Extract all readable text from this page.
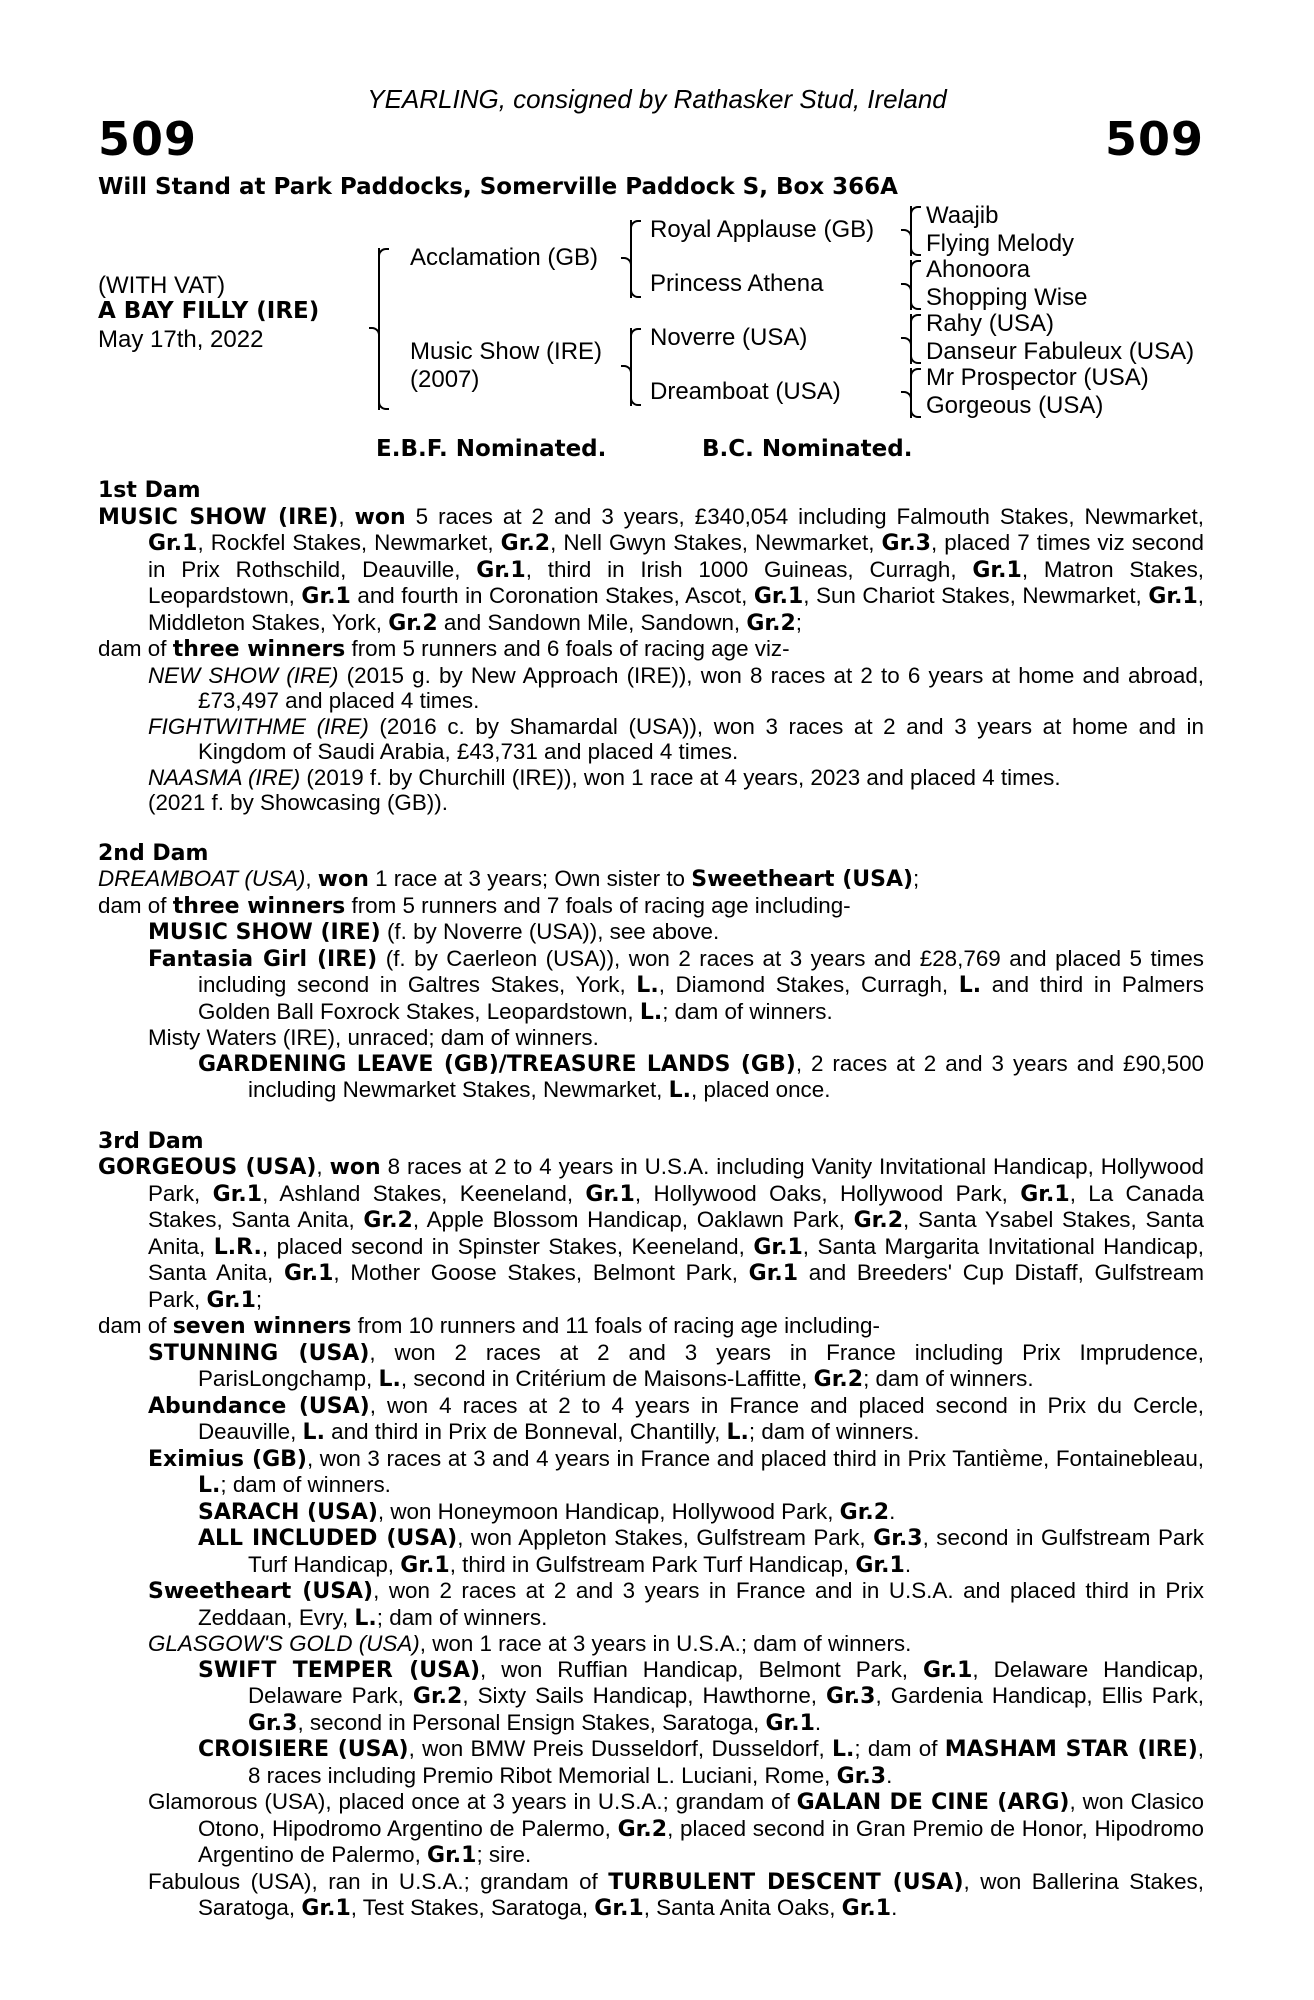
YEARLING, consigned by Rathasker Stud, Ireland
509	509
Will Stand at Park Paddocks, Somerville Paddock S, Box 366A
(WITH VAT)
A BAY FILLY (IRE)
May 17th, 2022
Acclamation (GB)
Music Show (IRE)
(2007)
Royal Applause (GB)
Princess Athena
Noverre (USA)
Dreamboat (USA)
Waajib
Flying Melody
Ahonoora
Shopping Wise
Rahy (USA)
Danseur Fabuleux (USA)
Mr Prospector (USA)
Gorgeous (USA)
E.B.F. Nominated.	B.C. Nominated.
1st Dam
MUSIC SHOW (IRE), won 5 races at 2 and 3 years, £340,054 including Falmouth Stakes, Newmarket, Gr.1, Rockfel Stakes, Newmarket, Gr.2, Nell Gwyn Stakes, Newmarket, Gr.3, placed 7 times viz second in Prix Rothschild, Deauville, Gr.1, third in Irish 1000 Guineas, Curragh, Gr.1, Matron Stakes, Leopardstown, Gr.1 and fourth in Coronation Stakes, Ascot, Gr.1, Sun Chariot Stakes, Newmarket, Gr.1, Middleton Stakes, York, Gr.2 and Sandown Mile, Sandown, Gr.2;
dam of three winners from 5 runners and 6 foals of racing age viz-
NEW SHOW (IRE) (2015 g. by New Approach (IRE)), won 8 races at 2 to 6 years at home and abroad, £73,497 and placed 4 times.
FIGHTWITHME (IRE) (2016 c. by Shamardal (USA)), won 3 races at 2 and 3 years at home and in Kingdom of Saudi Arabia, £43,731 and placed 4 times.
NAASMA (IRE) (2019 f. by Churchill (IRE)), won 1 race at 4 years, 2023 and placed 4 times.
(2021 f. by Showcasing (GB)).
2nd Dam
DREAMBOAT (USA), won 1 race at 3 years; Own sister to Sweetheart (USA);
dam of three winners from 5 runners and 7 foals of racing age including-
MUSIC SHOW (IRE) (f. by Noverre (USA)), see above.
Fantasia Girl (IRE) (f. by Caerleon (USA)), won 2 races at 3 years and £28,769 and placed 5 times including second in Galtres Stakes, York, L., Diamond Stakes, Curragh, L. and third in Palmers Golden Ball Foxrock Stakes, Leopardstown, L.; dam of winners.
Misty Waters (IRE), unraced; dam of winners.
GARDENING LEAVE (GB)/TREASURE LANDS (GB), 2 races at 2 and 3 years and £90,500 including Newmarket Stakes, Newmarket, L., placed once.
3rd Dam
GORGEOUS (USA), won 8 races at 2 to 4 years in U.S.A. including Vanity Invitational Handicap, Hollywood Park, Gr.1, Ashland Stakes, Keeneland, Gr.1, Hollywood Oaks, Hollywood Park, Gr.1, La Canada Stakes, Santa Anita, Gr.2, Apple Blossom Handicap, Oaklawn Park, Gr.2, Santa Ysabel Stakes, Santa Anita, L.R., placed second in Spinster Stakes, Keeneland, Gr.1, Santa Margarita Invitational Handicap, Santa Anita, Gr.1, Mother Goose Stakes, Belmont Park, Gr.1 and Breeders' Cup Distaff, Gulfstream Park, Gr.1;
dam of seven winners from 10 runners and 11 foals of racing age including-
STUNNING (USA), won 2 races at 2 and 3 years in France including Prix Imprudence, ParisLongchamp, L., second in Critérium de Maisons-Laffitte, Gr.2; dam of winners.
Abundance (USA), won 4 races at 2 to 4 years in France and placed second in Prix du Cercle, Deauville, L. and third in Prix de Bonneval, Chantilly, L.; dam of winners.
Eximius (GB), won 3 races at 3 and 4 years in France and placed third in Prix Tantième, Fontainebleau, L.; dam of winners.
SARACH (USA), won Honeymoon Handicap, Hollywood Park, Gr.2.
ALL INCLUDED (USA), won Appleton Stakes, Gulfstream Park, Gr.3, second in Gulfstream Park Turf Handicap, Gr.1, third in Gulfstream Park Turf Handicap, Gr.1.
Sweetheart (USA), won 2 races at 2 and 3 years in France and in U.S.A. and placed third in Prix Zeddaan, Evry, L.; dam of winners.
GLASGOW'S GOLD (USA), won 1 race at 3 years in U.S.A.; dam of winners.
SWIFT TEMPER (USA), won Ruffian Handicap, Belmont Park, Gr.1, Delaware Handicap, Delaware Park, Gr.2, Sixty Sails Handicap, Hawthorne, Gr.3, Gardenia Handicap, Ellis Park, Gr.3, second in Personal Ensign Stakes, Saratoga, Gr.1.
CROISIERE (USA), won BMW Preis Dusseldorf, Dusseldorf, L.; dam of MASHAM STAR (IRE), 8 races including Premio Ribot Memorial L. Luciani, Rome, Gr.3.
Glamorous (USA), placed once at 3 years in U.S.A.; grandam of GALAN DE CINE (ARG), won Clasico Otono, Hipodromo Argentino de Palermo, Gr.2, placed second in Gran Premio de Honor, Hipodromo Argentino de Palermo, Gr.1; sire.
Fabulous (USA), ran in U.S.A.; grandam of TURBULENT DESCENT (USA), won Ballerina Stakes, Saratoga, Gr.1, Test Stakes, Saratoga, Gr.1, Santa Anita Oaks, Gr.1.
